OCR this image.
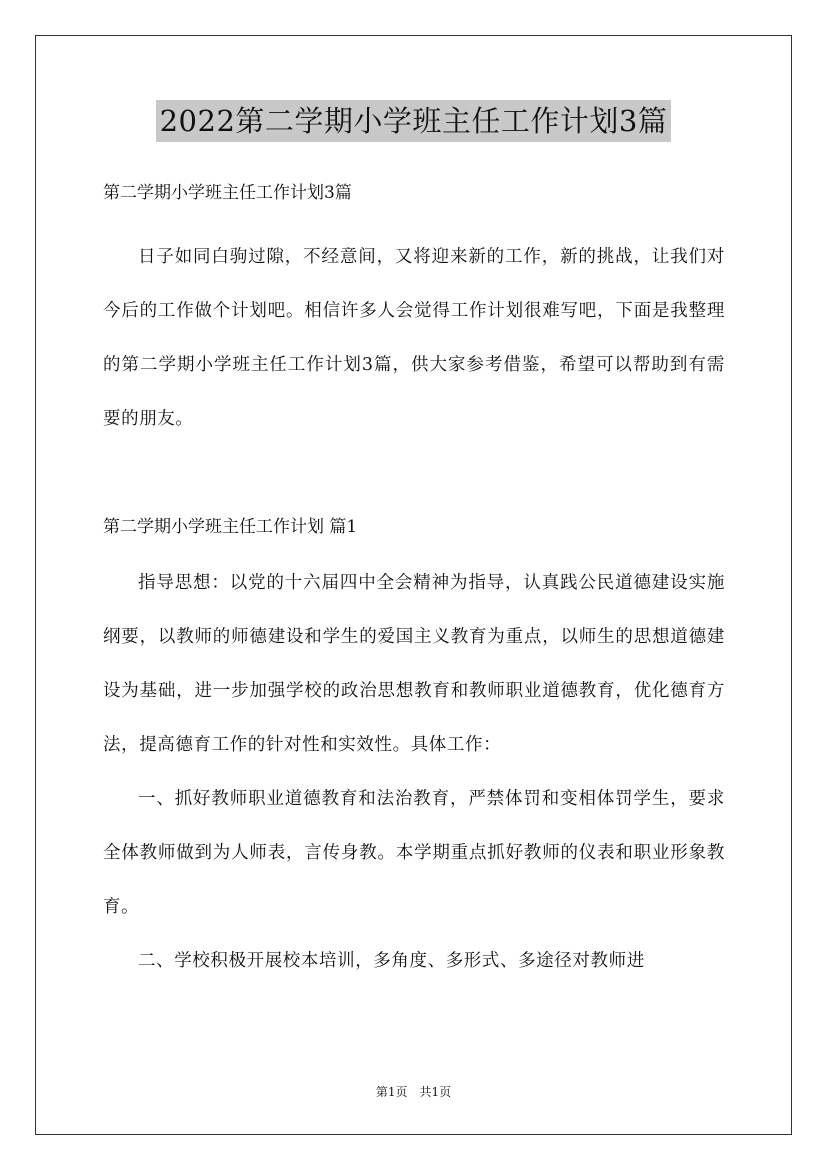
2022第二学期小学班主任工作计划3篇

第二学期小学班主任工作计划3篇

日子如同白驹过隙，不经意间，又将迎来新的工作，新的挑战，让我们对今后的工作做个计划吧。相信许多人会觉得工作计划很难写吧，下面是我整理的第二学期小学班主任工作计划3篇，供大家参考借鉴，希望可以帮助到有需要的朋友。

第二学期小学班主任工作计划 篇1

指导思想：以党的十六届四中全会精神为指导，认真践公民道德建设实施纲要，以教师的师德建设和学生的爱国主义教育为重点，以师生的思想道德建设为基础，进一步加强学校的政治思想教育和教师职业道德教育，优化德育方法，提高德育工作的针对性和实效性。具体工作：

一、抓好教师职业道德教育和法治教育，严禁体罚和变相体罚学生，要求全体教师做到为人师表，言传身教。本学期重点抓好教师的仪表和职业形象教育。

二、学校积极开展校本培训，多角度、多形式、多途径对教师进

第1页　共1页
